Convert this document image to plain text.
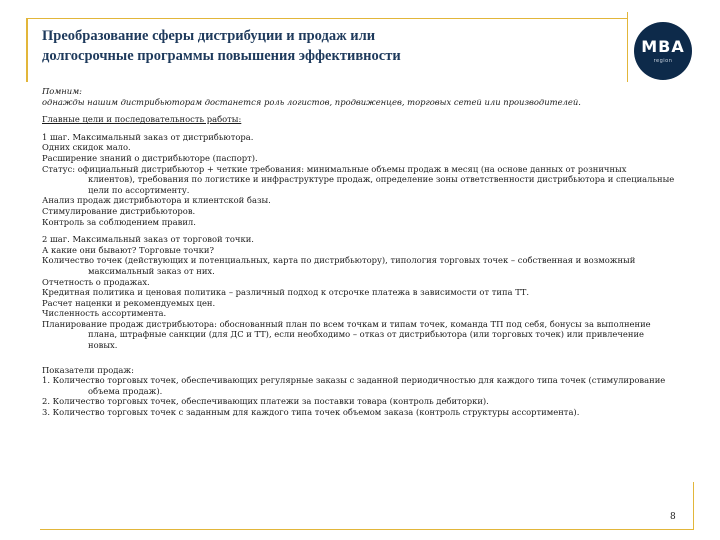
Преобразование сферы дистрибуции и продаж или
долгосрочные программы повышения эффективности	MBA
region

Помним:

однажды нашим дистрибьюторам достанется роль логистов, продвиженцев, торговых сетей или производителей.

Главные цели и последовательность работы:

1 шаг. Максимальный заказ от дистрибьютора.

Одних скидок мало.

Расширение знаний о дистрибьюторе (паспорт).

Статус: официальный дистрибьютор + четкие требования: минимальные объемы продаж в месяц (на основе данных от розничных клиентов), требования по логистике и инфраструктуре продаж, определение зоны ответственности дистрибьютора и специальные цели по ассортименту.

Анализ продаж дистрибьютора и клиентской базы.

Стимулирование дистрибьюторов.

Контроль за соблюдением правил.

2 шаг. Максимальный заказ от торговой точки.

А какие они бывают? Торговые точки?

Количество точек (действующих и потенциальных, карта по дистрибьютору), типология торговых точек – собственная и возможный максимальный заказ от них.

Отчетность о продажах.

Кредитная политика и ценовая политика – различный подход к отсрочке платежа в зависимости от типа ТТ.

Расчет наценки и рекомендуемых цен.

Численность ассортимента.

Планирование продаж дистрибьютора: обоснованный план по всем точкам и типам точек, команда ТП под себя, бонусы за выполнение плана, штрафные санкции (для ДС и ТТ), если необходимо – отказ от дистрибьютора (или торговых точек) или привлечение новых.

Показатели продаж:

1. Количество торговых точек, обеспечивающих регулярные заказы с заданной периодичностью для каждого типа точек (стимулирование объема продаж).

2. Количество торговых точек, обеспечивающих платежи за поставки товара (контроль дебиторки).

3. Количество торговых точек с заданным для каждого типа точек объемом заказа (контроль структуры ассортимента).

8
